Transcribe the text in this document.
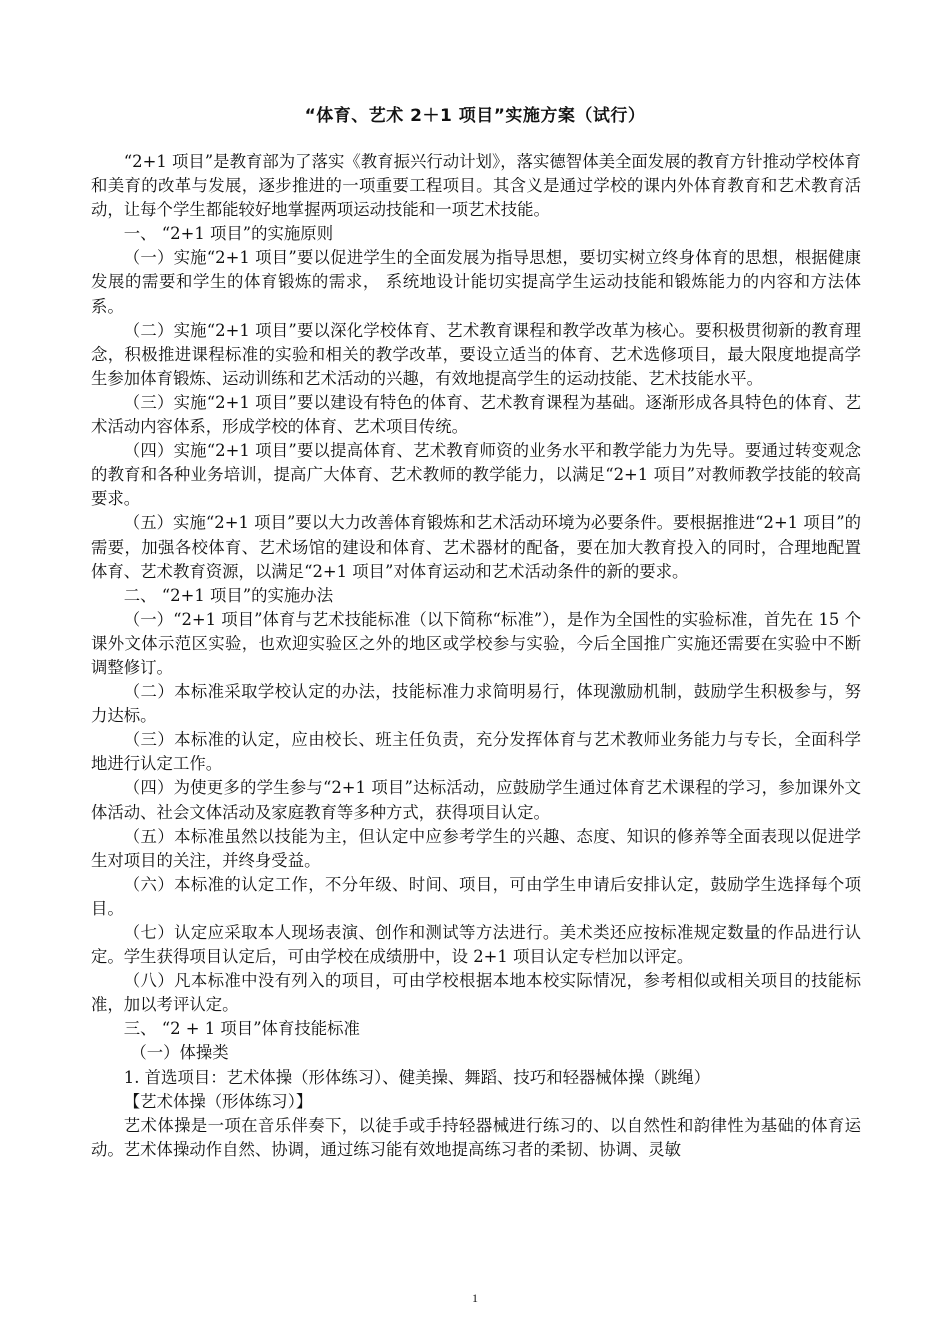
“体育、艺术 2＋1 项目”实施方案（试行）

“2+1 项目”是教育部为了落实《教育振兴行动计划》，落实德智体美全面发展的教育方针推动学校体育和美育的改革与发展，逐步推进的一项重要工程项目。其含义是通过学校的课内外体育教育和艺术教育活动，让每个学生都能较好地掌握两项运动技能和一项艺术技能。

一、 “2+1 项目”的实施原则

（一）实施“2+1 项目”要以促进学生的全面发展为指导思想，要切实树立终身体育的思想，根据健康发展的需要和学生的体育锻炼的需求， 系统地设计能切实提高学生运动技能和锻炼能力的内容和方法体系。

（二）实施“2+1 项目”要以深化学校体育、艺术教育课程和教学改革为核心。要积极贯彻新的教育理念，积极推进课程标准的实验和相关的教学改革，要设立适当的体育、艺术选修项目，最大限度地提高学生参加体育锻炼、运动训练和艺术活动的兴趣，有效地提高学生的运动技能、艺术技能水平。

（三）实施“2+1 项目”要以建设有特色的体育、艺术教育课程为基础。逐渐形成各具特色的体育、艺术活动内容体系，形成学校的体育、艺术项目传统。

（四）实施“2+1 项目”要以提高体育、艺术教育师资的业务水平和教学能力为先导。要通过转变观念的教育和各种业务培训，提高广大体育、艺术教师的教学能力，以满足“2+1 项目”对教师教学技能的较高要求。

（五）实施“2+1 项目”要以大力改善体育锻炼和艺术活动环境为必要条件。要根据推进“2+1 项目”的需要，加强各校体育、艺术场馆的建设和体育、艺术器材的配备，要在加大教育投入的同时，合理地配置体育、艺术教育资源，以满足“2+1 项目”对体育运动和艺术活动条件的新的要求。

二、 “2+1 项目”的实施办法

（一）“2+1 项目”体育与艺术技能标准（以下简称“标准”），是作为全国性的实验标准，首先在 15 个课外文体示范区实验，也欢迎实验区之外的地区或学校参与实验，今后全国推广实施还需要在实验中不断调整修订。

（二）本标准采取学校认定的办法，技能标准力求简明易行，体现激励机制，鼓励学生积极参与，努力达标。

（三）本标准的认定，应由校长、班主任负责，充分发挥体育与艺术教师业务能力与专长，全面科学地进行认定工作。

（四）为使更多的学生参与“2+1 项目”达标活动，应鼓励学生通过体育艺术课程的学习，参加课外文体活动、社会文体活动及家庭教育等多种方式，获得项目认定。

（五）本标准虽然以技能为主，但认定中应参考学生的兴趣、态度、知识的修养等全面表现以促进学生对项目的关注，并终身受益。

（六）本标准的认定工作，不分年级、时间、项目，可由学生申请后安排认定，鼓励学生选择每个项目。

（七）认定应采取本人现场表演、创作和测试等方法进行。美术类还应按标准规定数量的作品进行认定。学生获得项目认定后，可由学校在成绩册中，设 2+1 项目认定专栏加以评定。

（八）凡本标准中没有列入的项目，可由学校根据本地本校实际情况，参考相似或相关项目的技能标准，加以考评认定。

三、 “2 + 1 项目”体育技能标准

（一）体操类

1. 首选项目：艺术体操（形体练习）、健美操、舞蹈、技巧和轻器械体操（跳绳）

【艺术体操（形体练习）】

艺术体操是一项在音乐伴奏下，以徒手或手持轻器械进行练习的、以自然性和韵律性为基础的体育运动。艺术体操动作自然、协调，通过练习能有效地提高练习者的柔韧、协调、灵敏

1
